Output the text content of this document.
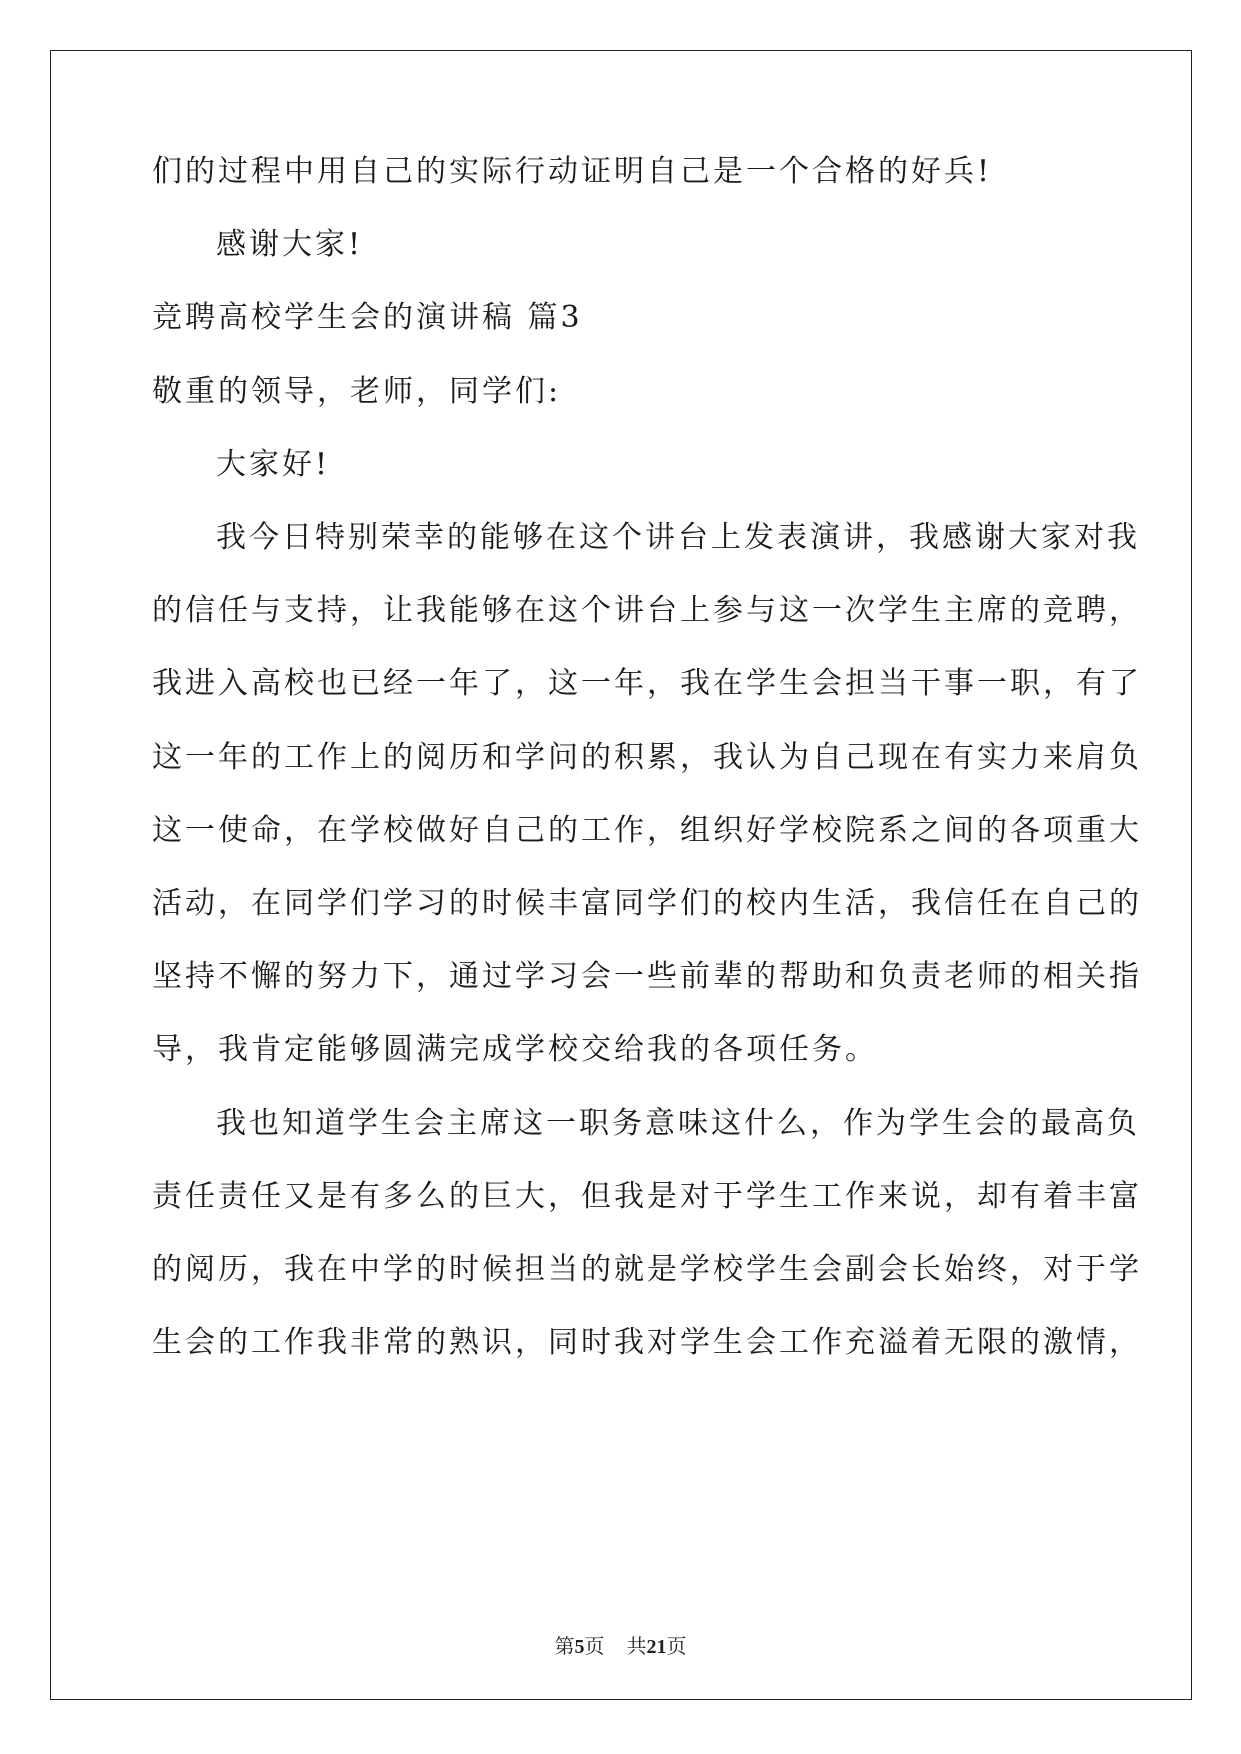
们的过程中用自己的实际行动证明自己是一个合格的好兵!
感谢大家!
竞聘高校学生会的演讲稿 篇3
敬重的领导，老师，同学们:
大家好!
我今日特别荣幸的能够在这个讲台上发表演讲，我感谢大家对我
的信任与支持，让我能够在这个讲台上参与这一次学生主席的竞聘，
我进入高校也已经一年了，这一年，我在学生会担当干事一职，有了
这一年的工作上的阅历和学问的积累，我认为自己现在有实力来肩负
这一使命，在学校做好自己的工作，组织好学校院系之间的各项重大
活动，在同学们学习的时候丰富同学们的校内生活，我信任在自己的
坚持不懈的努力下，通过学习会一些前辈的帮助和负责老师的相关指
导，我肯定能够圆满完成学校交给我的各项任务。
我也知道学生会主席这一职务意味这什么，作为学生会的最高负
责任责任又是有多么的巨大，但我是对于学生工作来说，却有着丰富
的阅历，我在中学的时候担当的就是学校学生会副会长始终，对于学
生会的工作我非常的熟识，同时我对学生会工作充溢着无限的激情，
第5页 共21页
